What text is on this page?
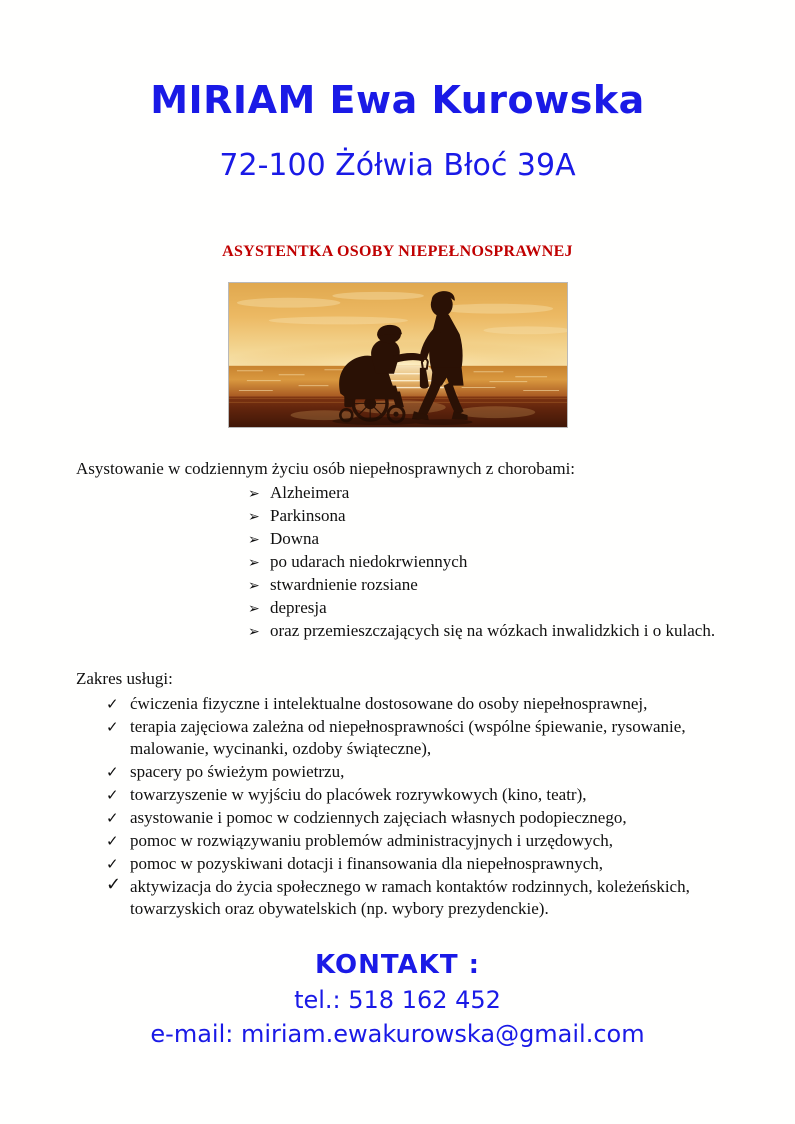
MIRIAM Ewa Kurowska
72-100 Żółwia Błoć 39A
ASYSTENTKA OSOBY NIEPEŁNOSPRAWNEJ
Asystowanie w codziennym życiu osób niepełnosprawnych z chorobami:
➢ Alzheimera
➢ Parkinsona
➢ Downa
➢ po udarach niedokrwiennych
➢ stwardnienie rozsiane
➢ depresja
➢ oraz przemieszczających się na wózkach inwalidzkich i o kulach.
Zakres usługi:
✓ ćwiczenia fizyczne i intelektualne dostosowane do osoby niepełnosprawnej,
✓ terapia zajęciowa zależna od niepełnosprawności (wspólne śpiewanie, rysowanie, malowanie, wycinanki, ozdoby świąteczne),
✓ spacery po świeżym powietrzu,
✓ towarzyszenie w wyjściu do placówek rozrywkowych (kino, teatr),
✓ asystowanie i pomoc w codziennych zajęciach własnych podopiecznego,
✓ pomoc w rozwiązywaniu problemów administracyjnych i urzędowych,
✓ pomoc w pozyskiwani dotacji i finansowania dla niepełnosprawnych,
✓ aktywizacja do życia społecznego w ramach kontaktów rodzinnych, koleżeńskich, towarzyskich oraz obywatelskich (np. wybory prezydenckie).
KONTAKT :
tel.: 518 162 452
e-mail: miriam.ewakurowska@gmail.com
